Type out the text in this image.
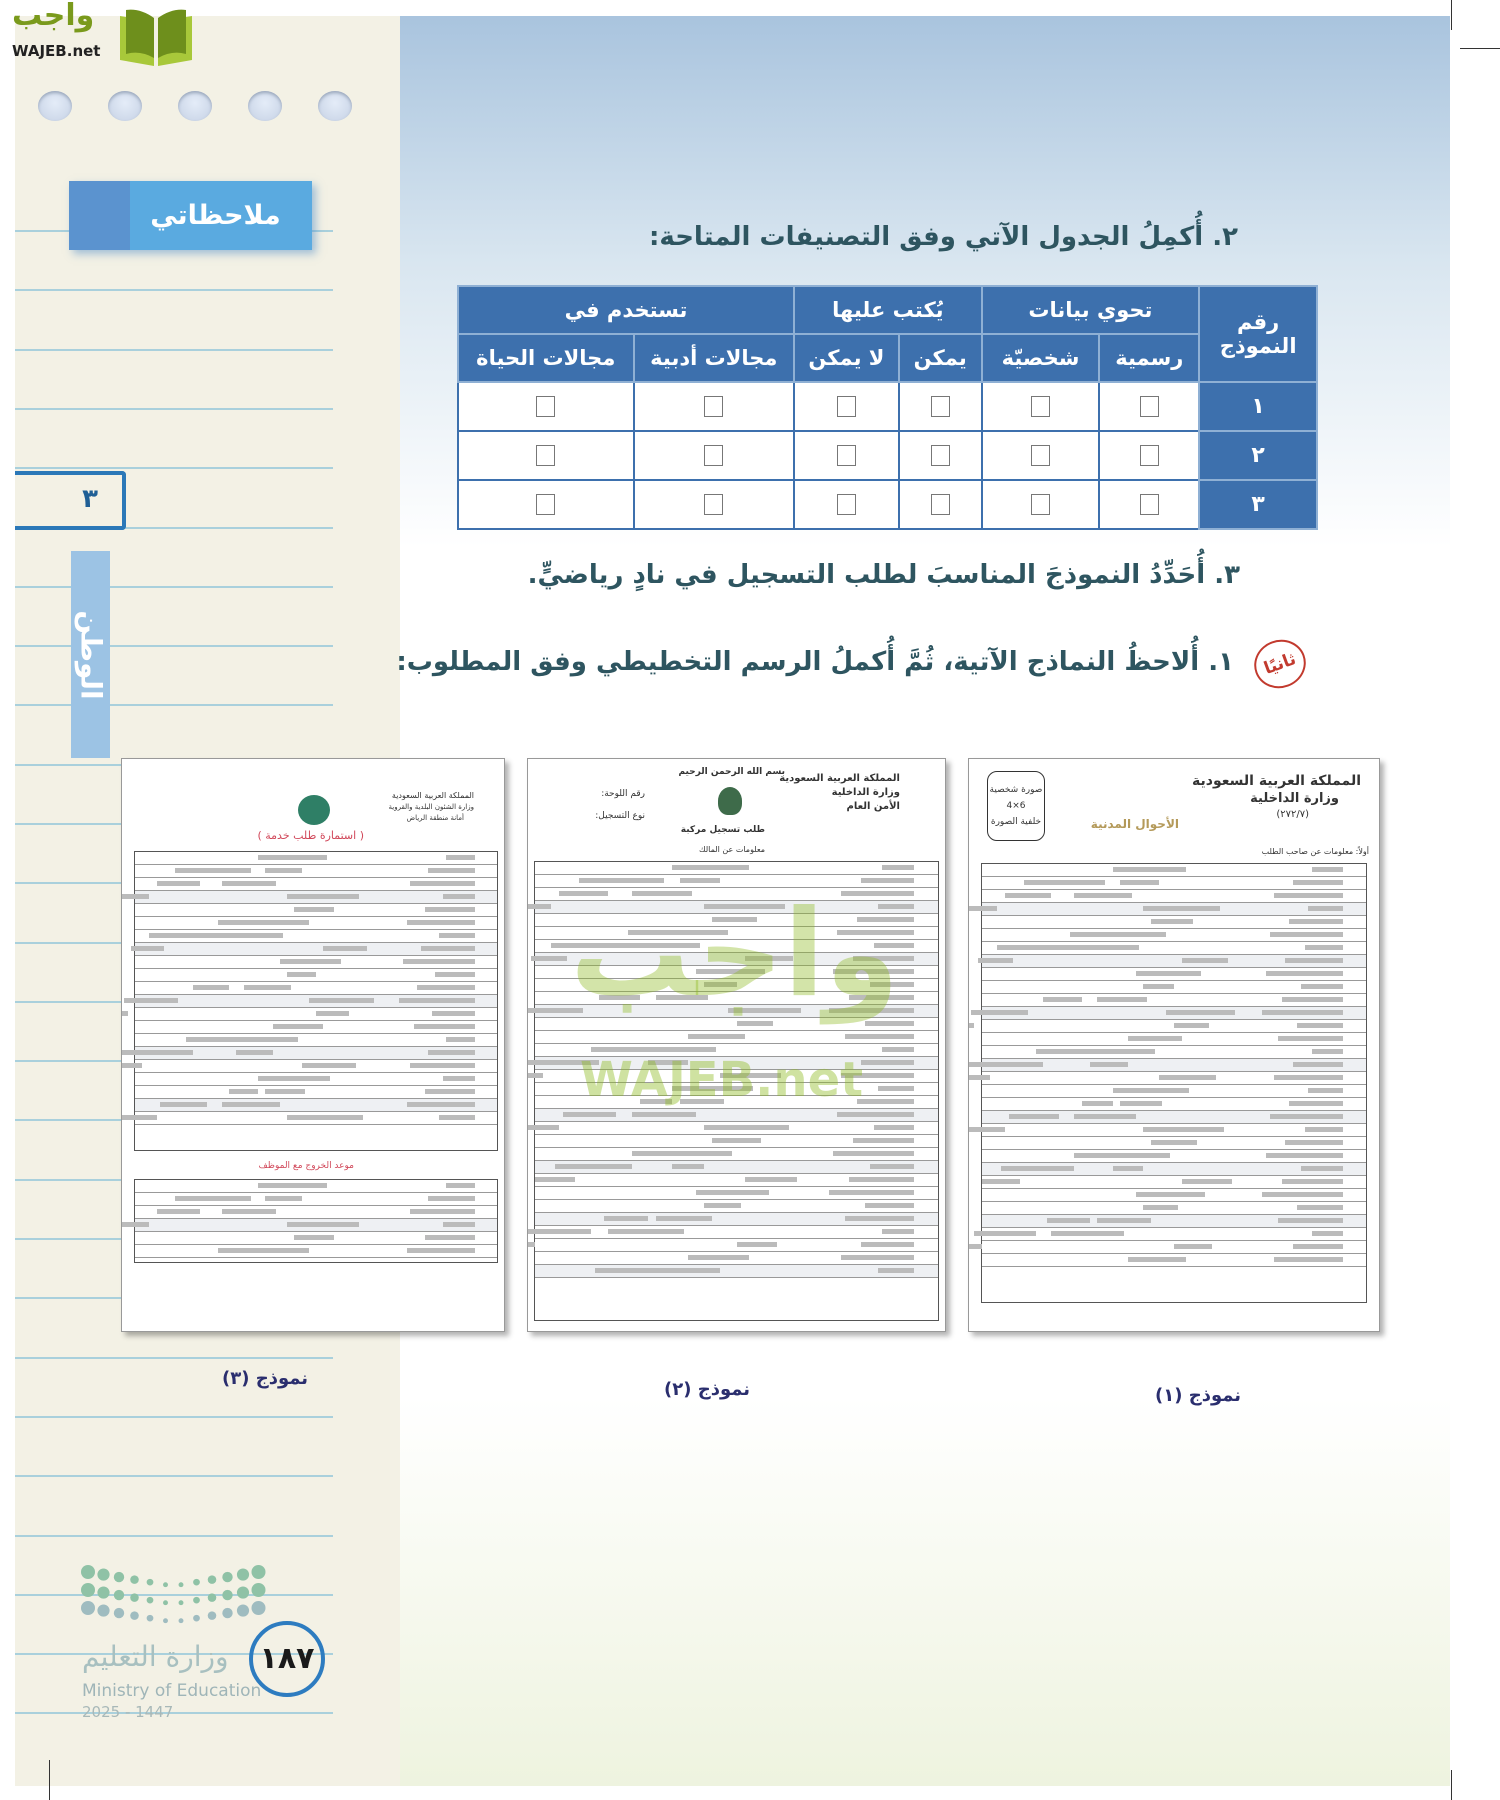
واجب
WAJEB.net
ملاحظاتي
٣
الوطن
٢. أُكمِلُ الجدول الآتي وفق التصنيفات المتاحة:
رقم النموذج	تحوي بيانات		يُكتب عليها		تستخدم في	
	رسمية	شخصيّة	يمكن	لا يمكن	مجالات أدبية	مجالات الحياة
١						
٢						
٣						
٣. أُحَدِّدُ النموذجَ المناسبَ لطلب التسجيل في نادٍ رياضيٍّ.
ثانيًا
١. أُلاحظُ النماذج الآتية، ثُمَّ أُكملُ الرسم التخطيطي وفق المطلوب:
المملكة العربية السعودية
وزارة الداخلية
(٢٧٢/٧)
الأحوال المدنية
صورة شخصية
6×4
خلفية الصورة
أولاً: معلومات عن صاحب الطلب
بسم الله الرحمن الرحيم
المملكة العربية السعودية
وزارة الداخلية
الأمن العام
رقم اللوحة:
نوع التسجيل:
طلب تسجيل مركبة
معلومات عن المالك
المملكة العربية السعودية
وزارة الشئون البلدية والقروية
أمانة منطقة الرياض
( استمارة طلب خدمة )
موعد الخروج مع الموظف
واجب
WAJEB.net
نموذج (١)
نموذج (٢)
نموذج (٣)
وزارة التعليم
Ministry of Education
2025 - 1447
١٨٧
